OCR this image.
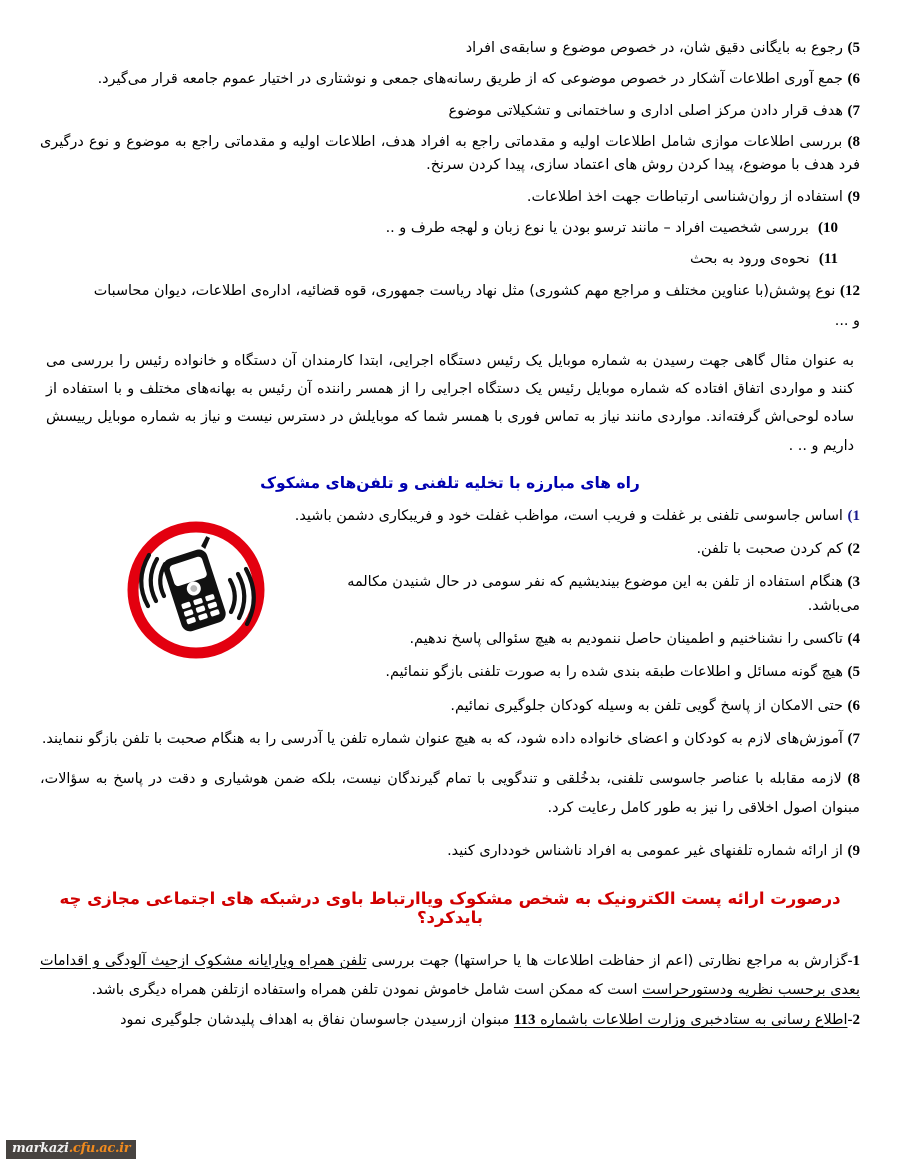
5) رجوع به بایگانی دقیق شان، در خصوص موضوع و سابقه‌ی افراد

6) جمع آوری اطلاعات آشکار در خصوص موضوعی که از طریق رسانه‌های جمعی و نوشتاری در اختیار عموم جامعه قرار می‌گیرد.

7) هدف قرار دادن مرکز اصلی اداری و ساختمانی و تشکیلاتی موضوع

8) بررسی اطلاعات موازی شامل اطلاعات اولیه و مقدماتی راجع به افراد هدف، اطلاعات اولیه و مقدماتی راجع به موضوع و نوع درگیری فرد هدف با موضوع، پیدا کردن روش های اعتماد سازی، پیدا کردن سرنخ.

9) استفاده از روان‌شناسی ارتباطات جهت اخذ اطلاعات.

10)  بررسی شخصیت افراد – مانند ترسو بودن یا نوع زبان و لهجه طرف و ..

11)  نحوه‌ی ورود به بحث

12) نوع پوشش(با عناوین مختلف و مراجع مهم کشوری) مثل نهاد ریاست جمهوری، قوه قضائیه، اداره‌ی اطلاعات، دیوان محاسبات

و ...

به عنوان مثال گاهی جهت رسیدن به شماره موبایل یک رئیس دستگاه اجرایی، ابتدا کارمندان آن دستگاه و خانواده رئیس را بررسی می کنند و مواردی اتفاق افتاده که شماره موبایل رئیس یک دستگاه اجرایی را از همسر راننده آن رئیس به بهانه‌های مختلف و با استفاده از ساده لوحی‌اش گرفته‌اند. مواردی مانند نیاز به تماس فوری با همسر شما که موبایلش در دسترس نیست و نیاز به شماره موبایل رییسش داریم و .. .

راه های مبارزه با تخلیه تلفنی و تلفن‌های مشکوک

1) اساس جاسوسی تلفنی بر غفلت و فریب است، مواظب غفلت خود و فریبکاری دشمن باشید.

2) کم کردن صحبت با تلفن.

3) هنگام استفاده از تلفن به این موضوع بیندیشیم که نفر سومی در حال شنیدن مکالمه می‌باشد.

4) تاکسی را نشناخنیم و اطمینان حاصل ننمودیم به هیچ سئوالی پاسخ ندهیم.

5) هیچ گونه مسائل و اطلاعات طبقه بندی شده را به صورت تلفنی بازگو ننمائیم.

6) حتی الامکان از پاسخ گویی تلفن به وسیله کودکان جلوگیری نمائیم.

7) آموزش‌های لازم به کودکان و اعضای خانواده داده شود، که به هیچ عنوان شماره تلفن یا آدرسی را به هنگام صحبت با تلفن بازگو ننمایند.

8) لازمه مقابله با عناصر جاسوسی تلفنی، بدخُلقی و تندگویی با تمام گیرندگان نیست، بلکه ضمن هوشیاری و دقت در پاسخ به سؤالات، مبنوان اصول اخلاقی را نیز به طور کامل رعایت کرد.

9) از ارائه شماره تلفنهای غیر عمومی به افراد ناشناس خودداری کنید.

درصورت ارائه پست الکترونیک به شخص مشکوک ویاارتباط باوی درشبکه های اجتماعی مجازی چه بایدکرد؟

1-گزارش به مراجع نظارتی (اعم از حفاظت اطلاعات ها یا حراستها) جهت بررسی تلفن همراه ویارایانه مشکوک ازحیث آلودگی و اقدامات بعدی برحسب نظریه ودستورحراست است که ممکن است شامل خاموش نمودن تلفن همراه واستفاده ازتلفن همراه دیگری باشد.

2-اطلاع رسانی به ستادخبری وزارت اطلاعات باشماره 113 مبنوان ازرسیدن جاسوسان نفاق به اهداف پلیدشان جلوگیری نمود

markazi.cfu.ac.ir
